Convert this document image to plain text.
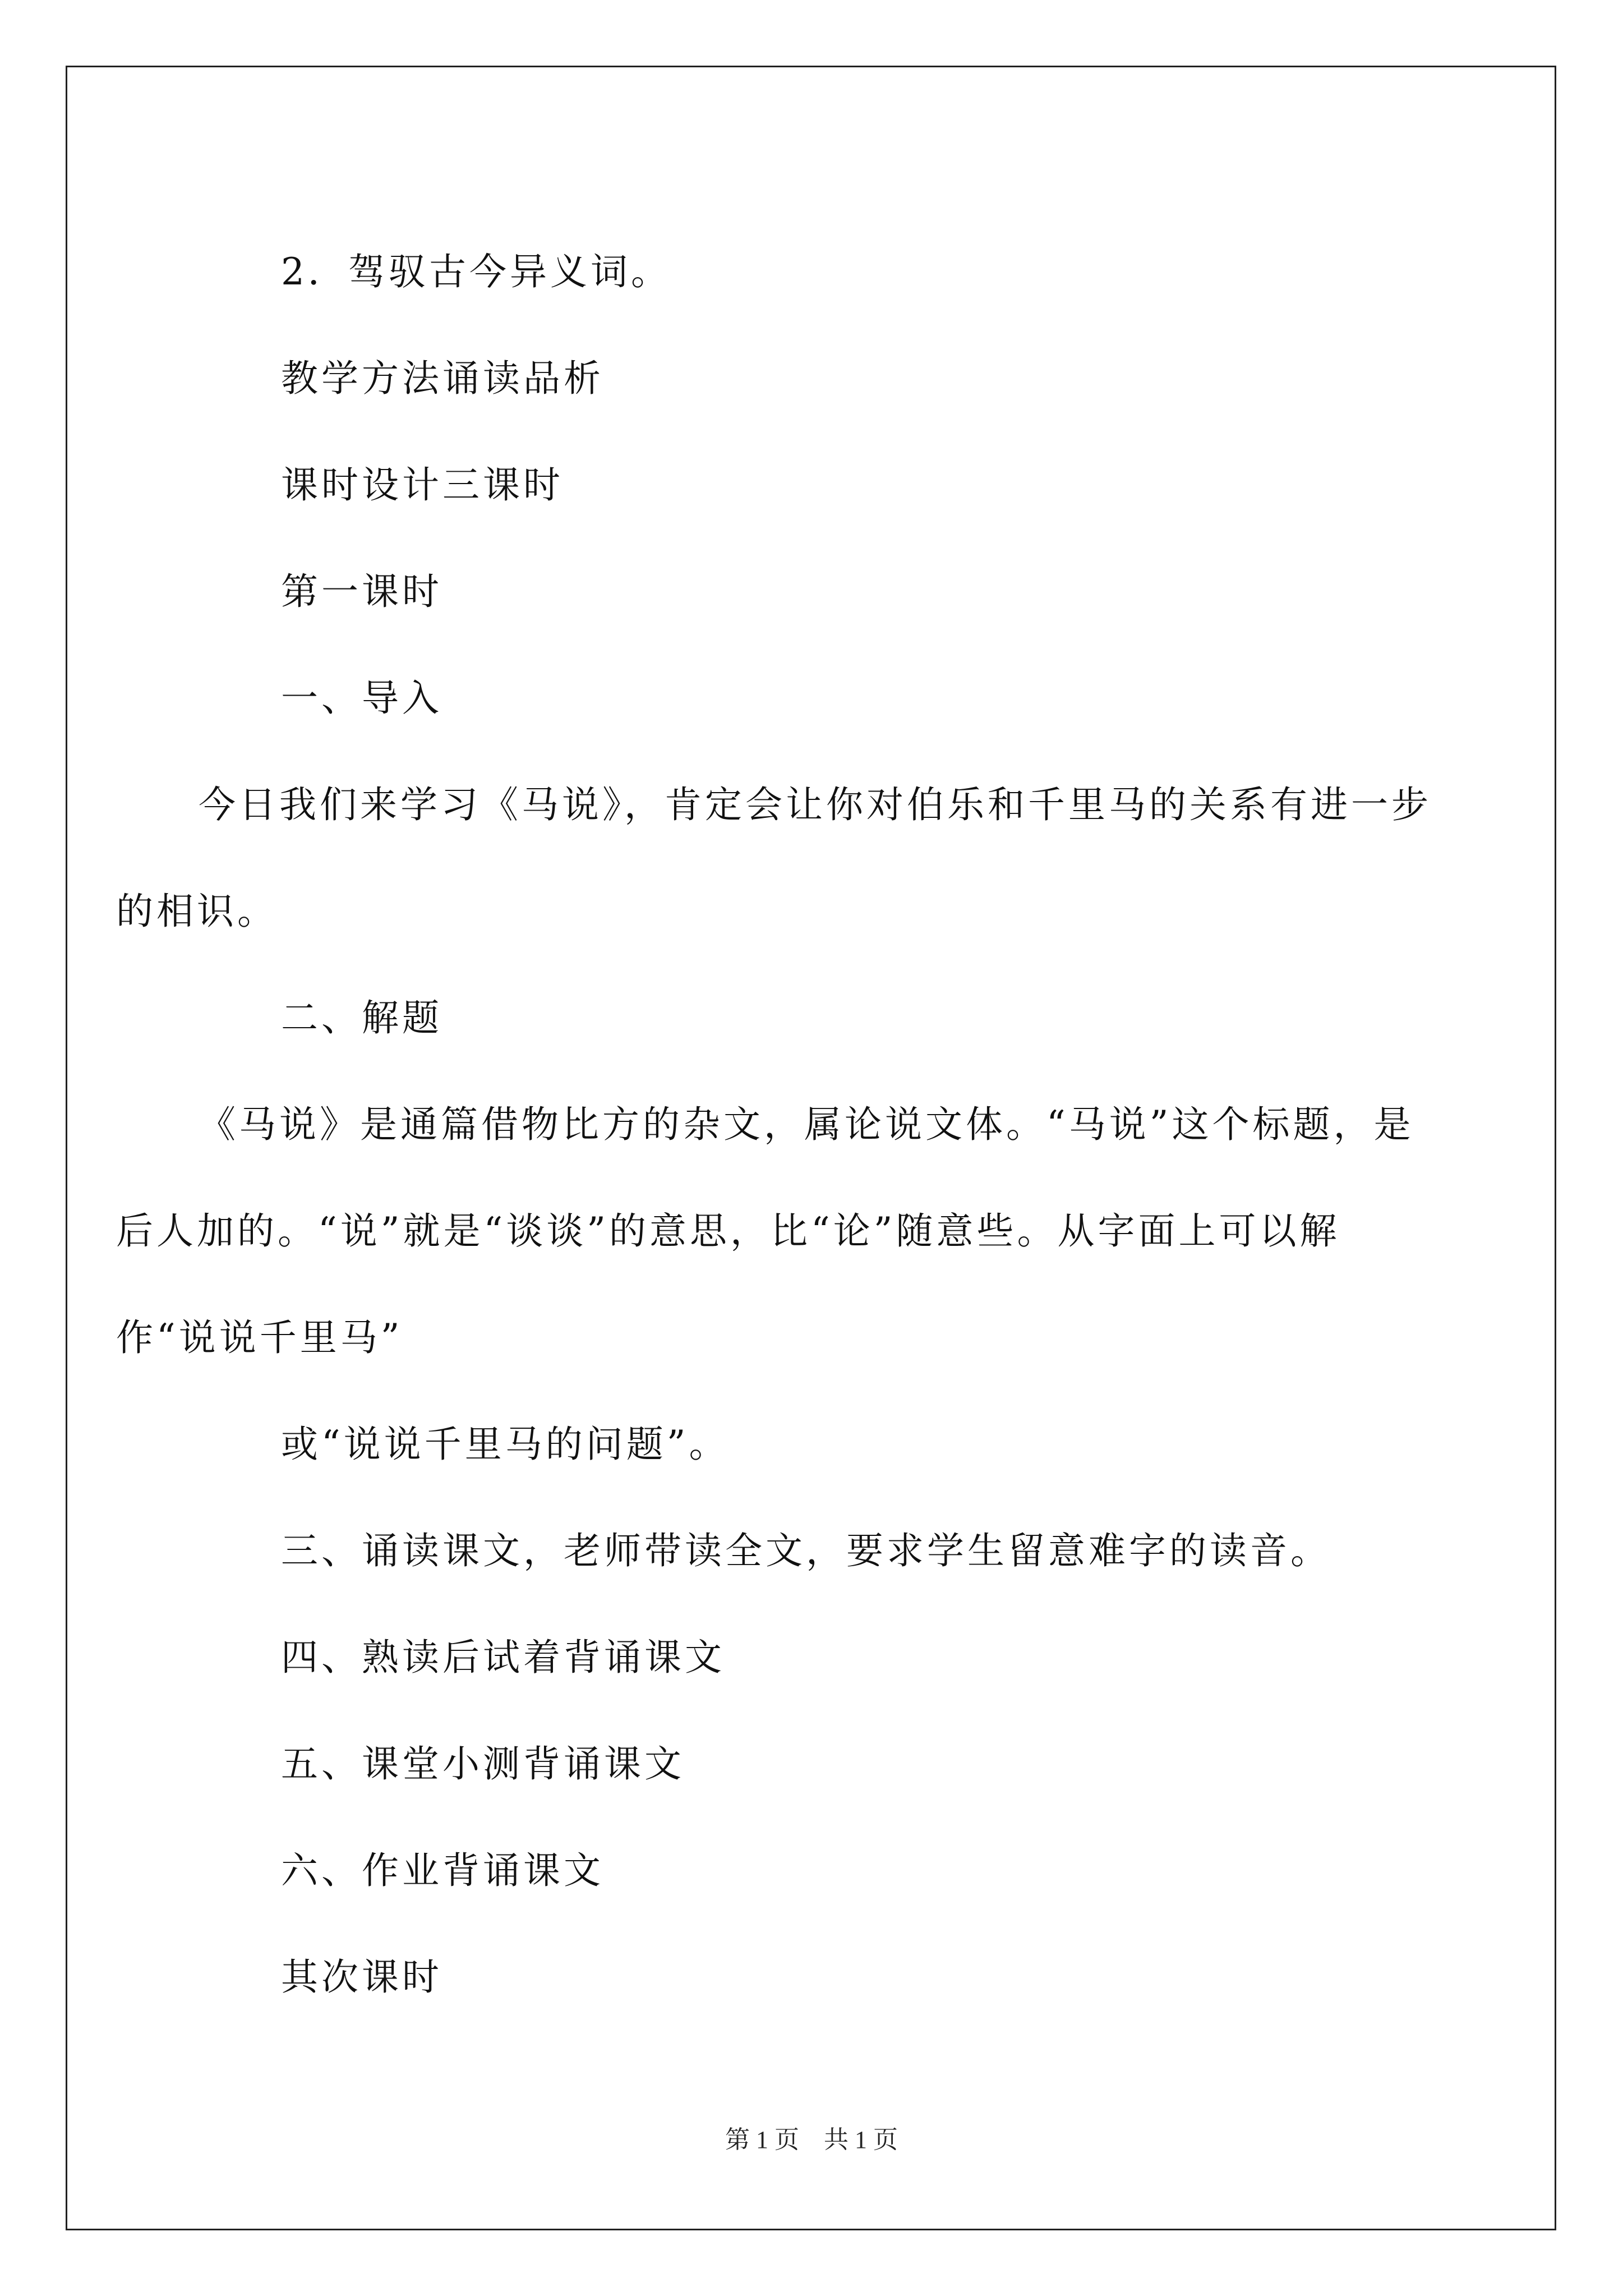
2．驾驭古今异义词。

教学方法诵读品析

课时设计三课时

第一课时

一、导入

今日我们来学习《马说》，肯定会让你对伯乐和千里马的关系有进一步的相识。

二、解题

《马说》是通篇借物比方的杂文，属论说文体。“马说”这个标题，是后人加的。“说”就是“谈谈”的意思，比“论”随意些。从字面上可以解作“说说千里马”

或“说说千里马的问题”。

三、诵读课文，老师带读全文，要求学生留意难字的读音。

四、熟读后试着背诵课文

五、课堂小测背诵课文

六、作业背诵课文

其次课时

第 1 页    共 1 页
